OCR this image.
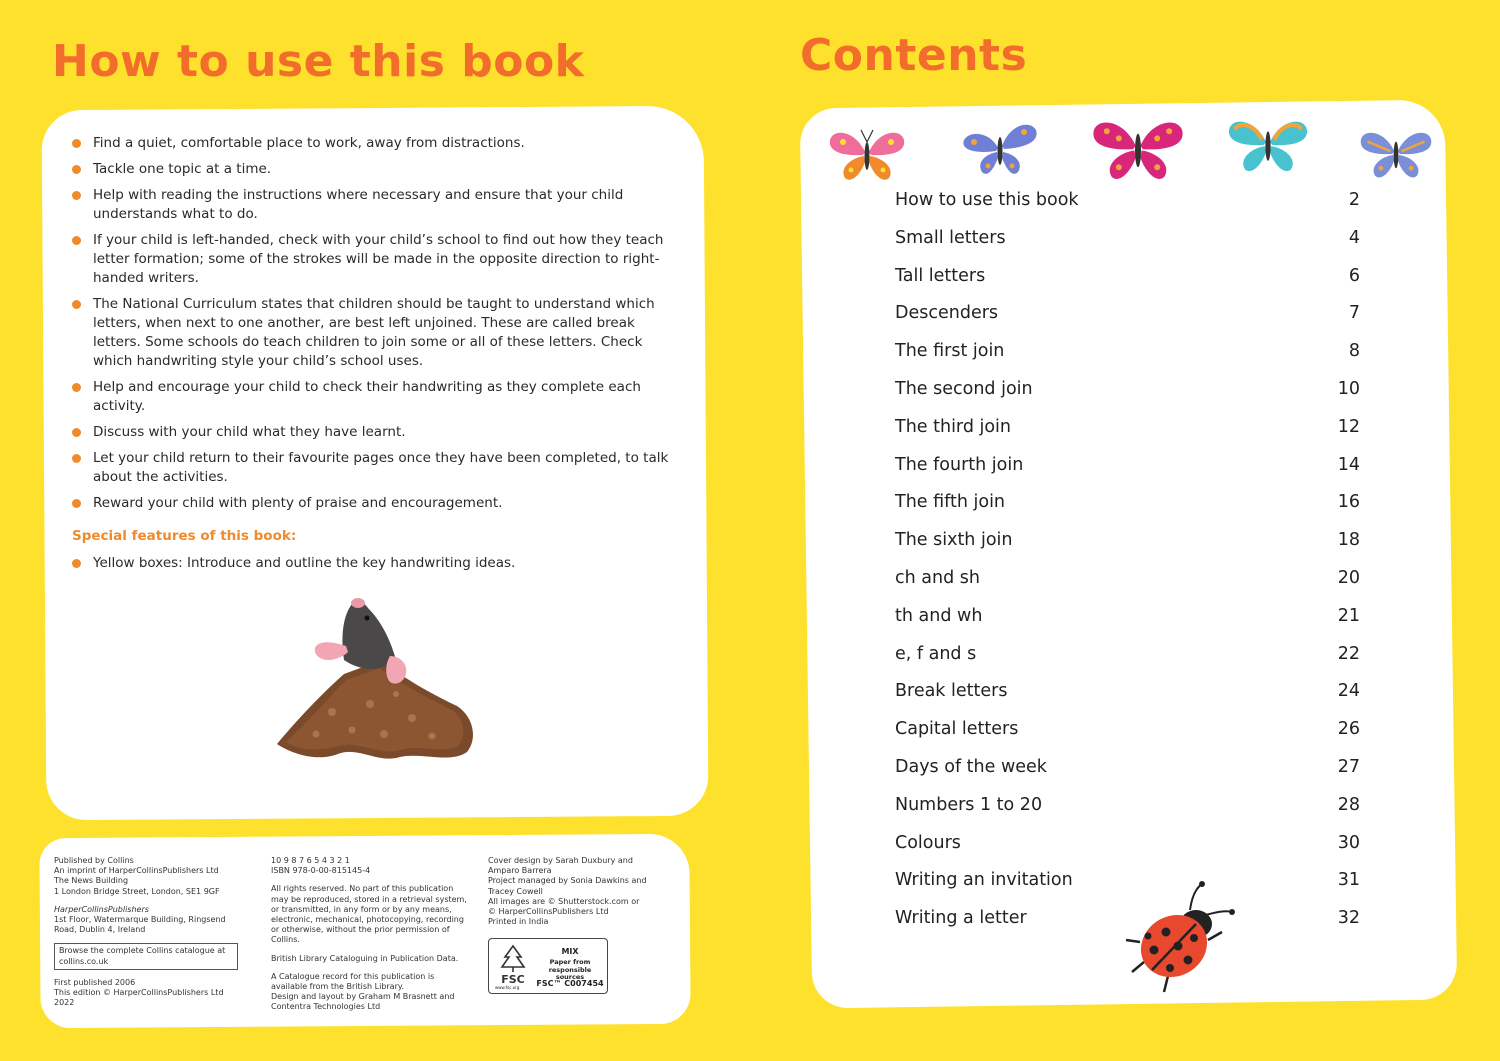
How to use this book	Contents
Find a quiet, comfortable place to work, away from distractions.
Tackle one topic at a time.
Help with reading the instructions where necessary and ensure that your child understands what to do.
If your child is left-handed, check with your child’s school to find out how they teach letter formation; some of the strokes will be made in the opposite direction to right-handed writers.
The National Curriculum states that children should be taught to understand which letters, when next to one another, are best left unjoined. These are called break letters. Some schools do teach children to join some or all of these letters. Check which handwriting style your child’s school uses.
Help and encourage your child to check their handwriting as they complete each activity.
Discuss with your child what they have learnt.
Let your child return to their favourite pages once they have been completed, to talk about the activities.
Reward your child with plenty of praise and encouragement.
Special features of this book:
Yellow boxes: Introduce and outline the key handwriting ideas.

Published by Collins

An imprint of HarperCollinsPublishers Ltd

The News Building

1 London Bridge Street, London, SE1 9GF

HarperCollinsPublishers

1st Floor, Watermarque Building, Ringsend Road, Dublin 4, Ireland

Browse the complete Collins catalogue at collins.co.uk

First published 2006

This edition © HarperCollinsPublishers Ltd 2022

10 9 8 7 6 5 4 3 2 1

ISBN 978-0-00-815145-4

All rights reserved. No part of this publication may be reproduced, stored in a retrieval system, or transmitted, in any form or by any means, electronic, mechanical, photocopying, recording or otherwise, without the prior permission of Collins.

British Library Cataloguing in Publication Data.

A Catalogue record for this publication is available from the British Library.

Design and layout by Graham M Brasnett and Contentra Technologies Ltd

Cover design by Sarah Duxbury and Amparo Barrera

Project managed by Sonia Dawkins and Tracey Cowell

All images are © Shutterstock.com or © HarperCollinsPublishers Ltd

Printed in India

FSC
www.fsc.org
MIX
Paper from responsible sources
FSC™ C007454
How to use this book	2
Small letters	4
Tall letters	6
Descenders	7
The first join	8
The second join	10
The third join	12
The fourth join	14
The fifth join	16
The sixth join	18
ch and sh	20
th and wh	21
e, f and s	22
Break letters	24
Capital letters	26
Days of the week	27
Numbers 1 to 20	28
Colours	30
Writing an invitation	31
Writing a letter	32
